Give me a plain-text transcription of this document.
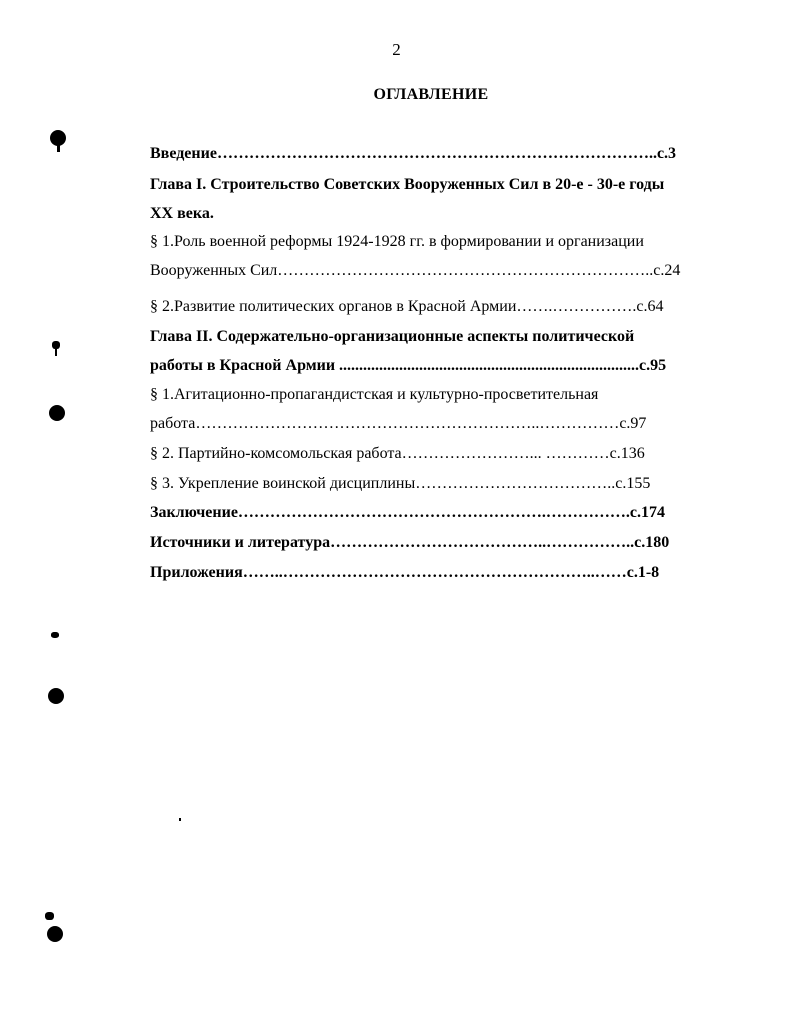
2
ОГЛАВЛЕНИЕ
Введение………………………………………………………………………..с.3
Глава I. Строительство Советских Вооруженных Сил в 20-е - 30-е годы
XX века.
§ 1.Роль военной реформы 1924-1928 гг. в формировании и организации
Вооруженных Сил……………………………………………………………..с.24
§ 2.Развитие политических органов в Красной Армии…….…………….с.64
Глава II. Содержательно-организационные аспекты политической
работы в Красной Армии ...........................................................................с.95
§ 1.Агитационно-пропагандистская и культурно-просветительная
работа………………………………………………………..……………с.97
§ 2. Партийно-комсомольская работа……………………... …………с.136
§ 3. Укрепление воинской дисциплины………………………………..с.155
Заключение………………………………………………….…………….с.174
Источники и литература…………………………………..……………..с.180
Приложения……..…………………………………………………..……с.1-8
